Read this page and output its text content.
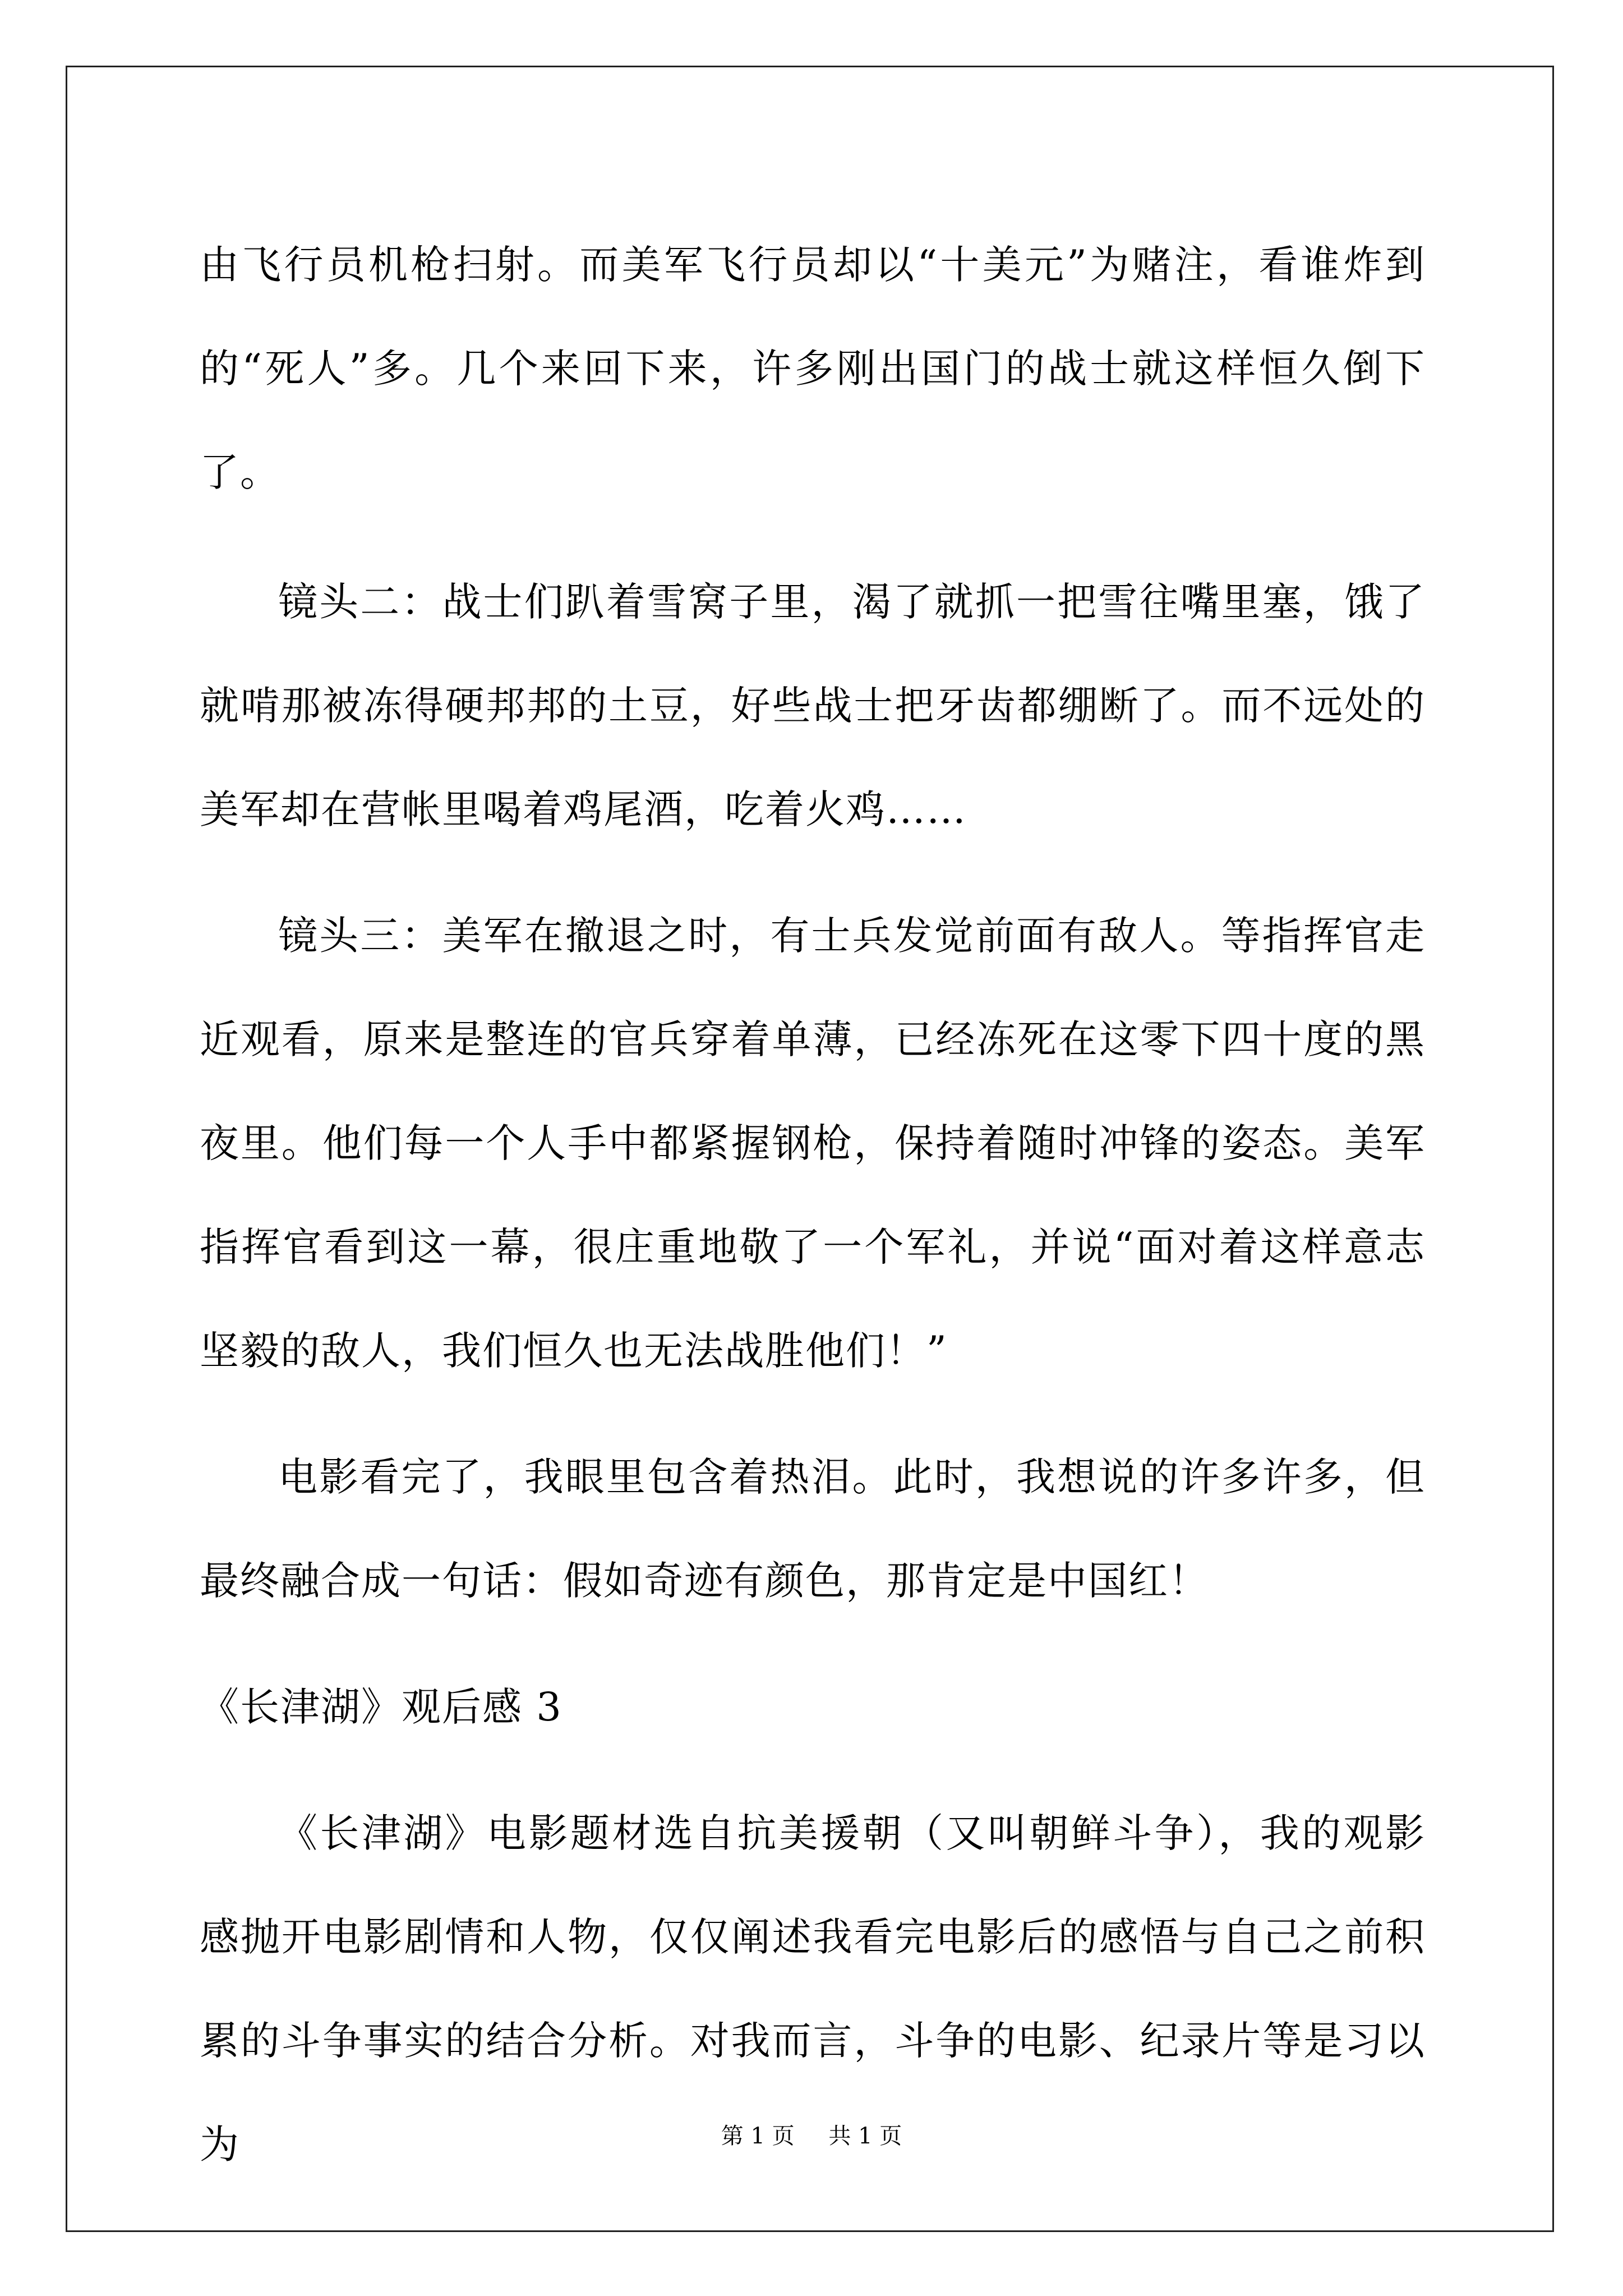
由飞行员机枪扫射。而美军飞行员却以“十美元”为赌注，看谁炸到的“死人”多。几个来回下来，许多刚出国门的战士就这样恒久倒下了。

镜头二：战士们趴着雪窝子里，渴了就抓一把雪往嘴里塞，饿了就啃那被冻得硬邦邦的土豆，好些战士把牙齿都绷断了。而不远处的美军却在营帐里喝着鸡尾酒，吃着火鸡……

镜头三：美军在撤退之时，有士兵发觉前面有敌人。等指挥官走近观看，原来是整连的官兵穿着单薄，已经冻死在这零下四十度的黑夜里。他们每一个人手中都紧握钢枪，保持着随时冲锋的姿态。美军指挥官看到这一幕，很庄重地敬了一个军礼，并说“面对着这样意志坚毅的敌人，我们恒久也无法战胜他们！”

电影看完了，我眼里包含着热泪。此时，我想说的许多许多，但最终融合成一句话：假如奇迹有颜色，那肯定是中国红！

《长津湖》观后感 3

《长津湖》电影题材选自抗美援朝（又叫朝鲜斗争），我的观影感抛开电影剧情和人物，仅仅阐述我看完电影后的感悟与自己之前积累的斗争事实的结合分析。对我而言，斗争的电影、纪录片等是习以为	第 1 页 共 1 页
